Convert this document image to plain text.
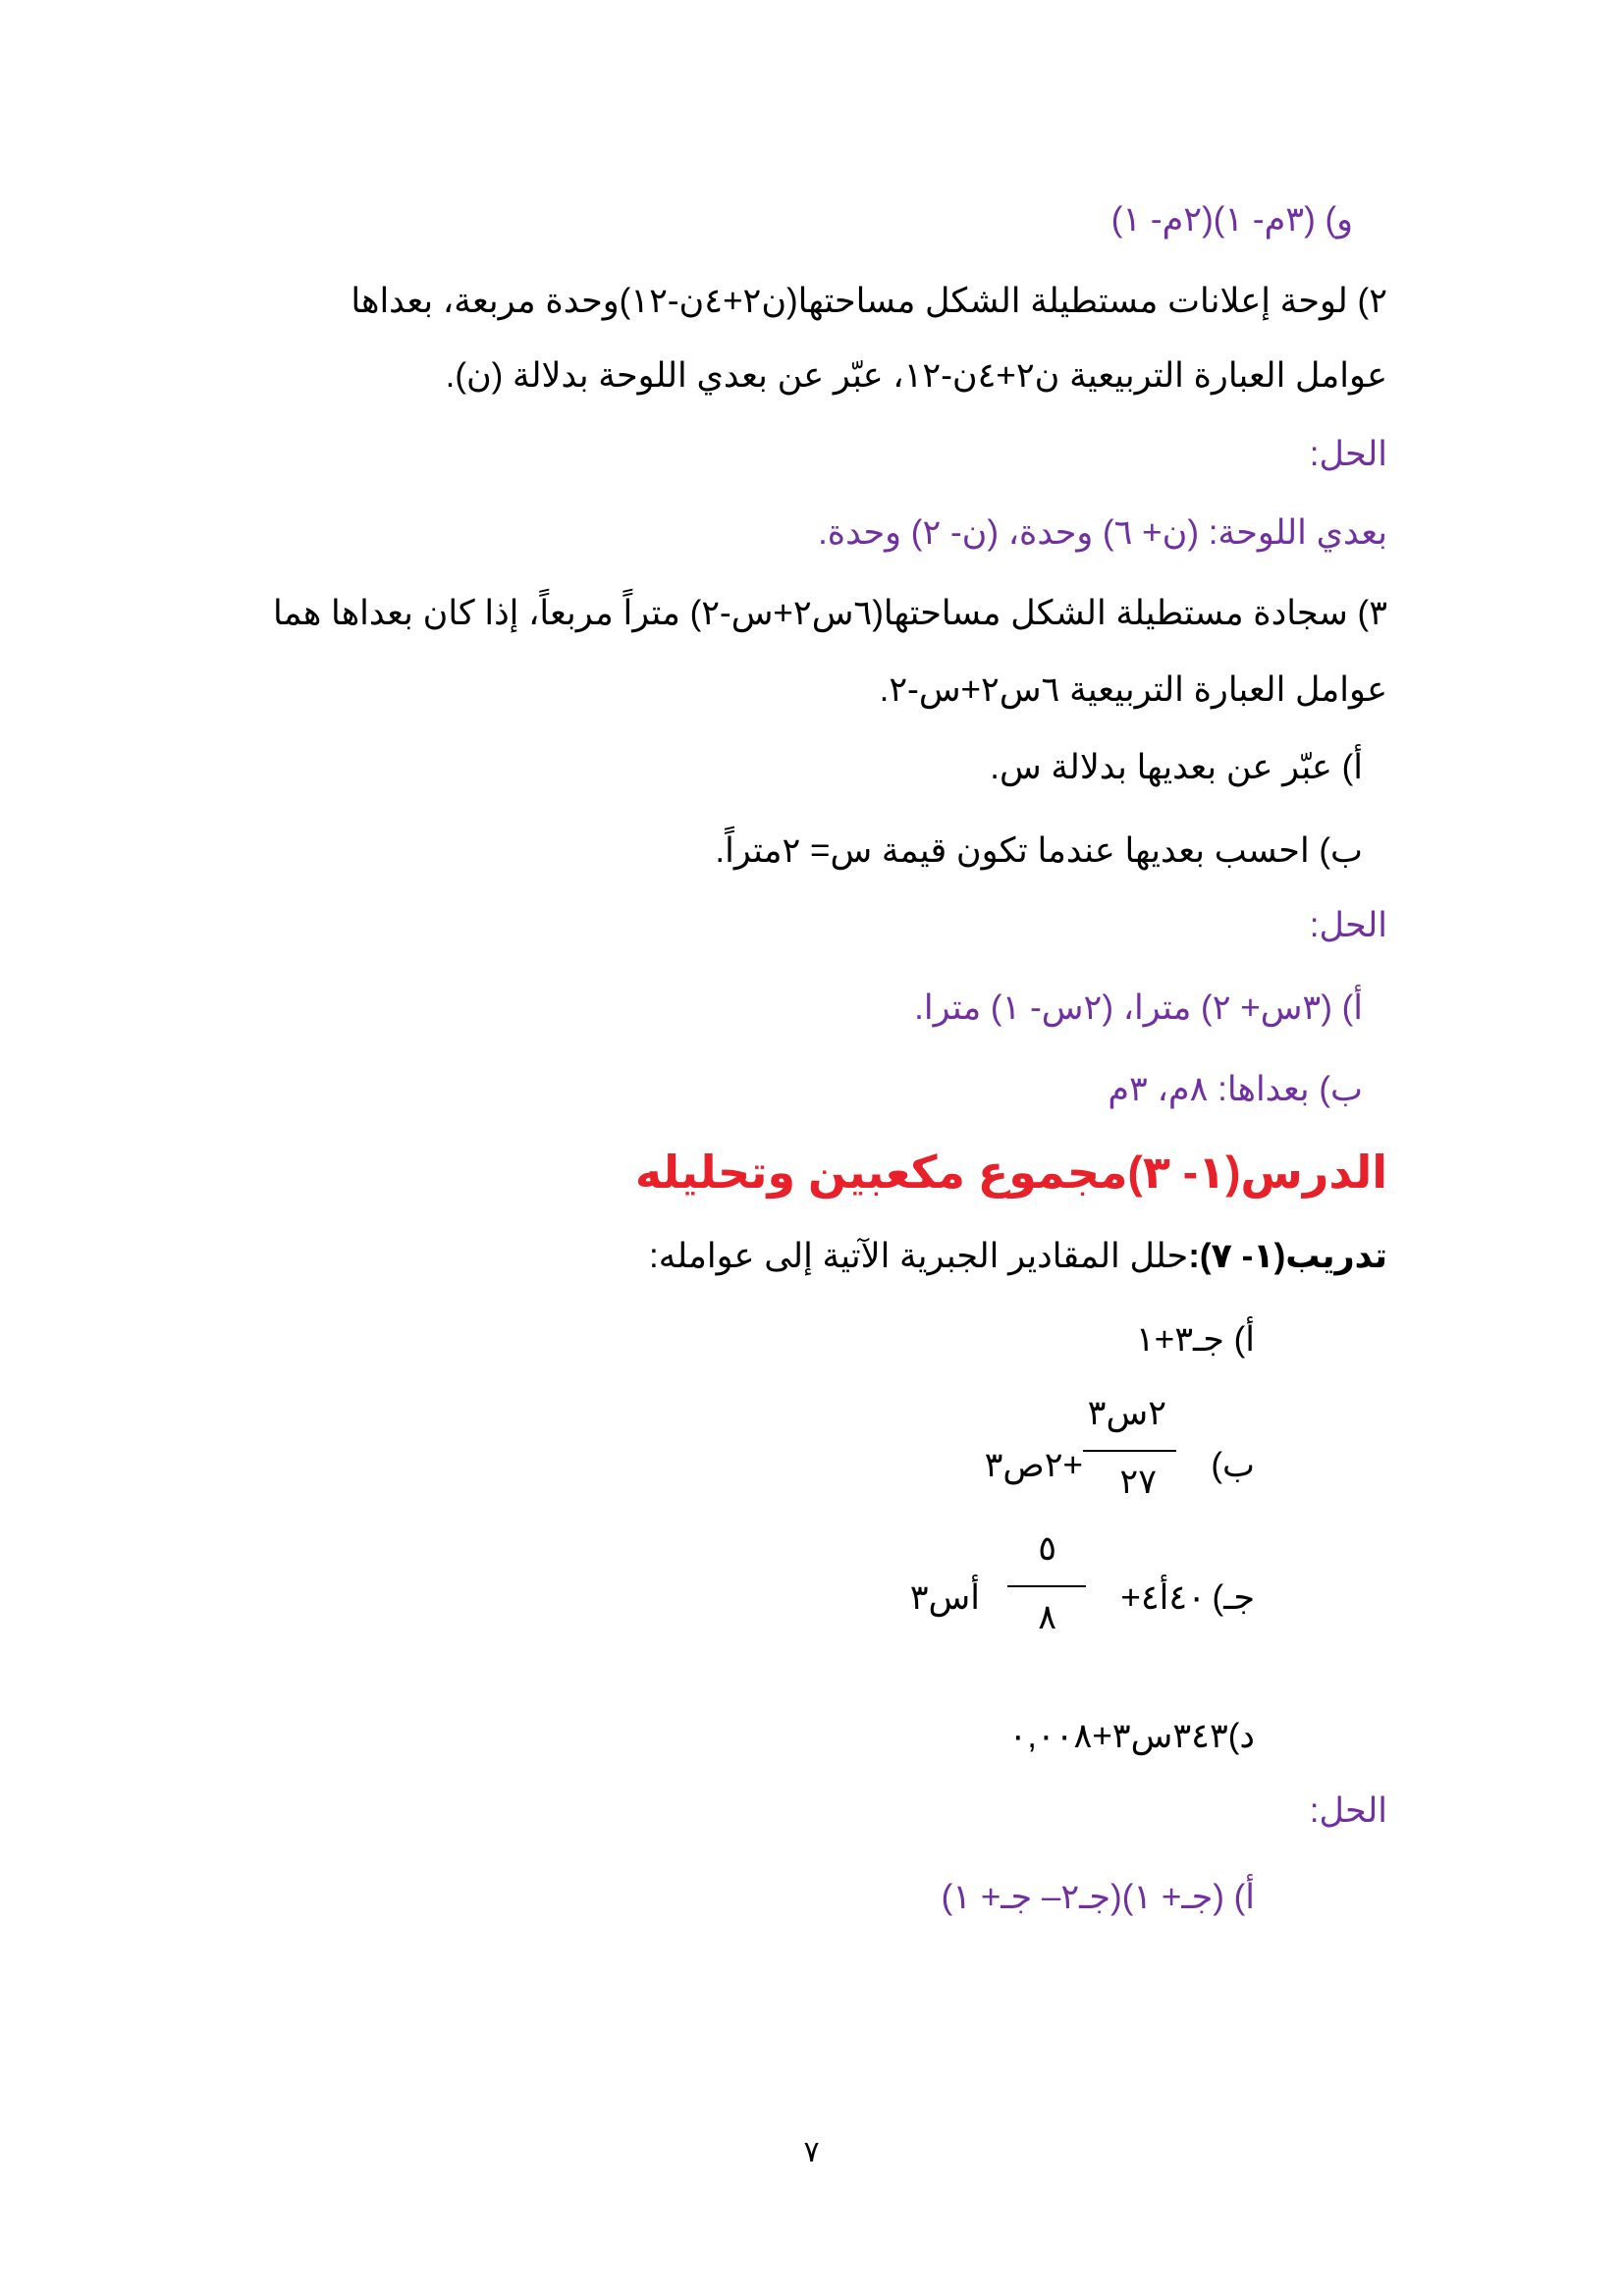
و) (٣م- ١)(٢م- ١)
٢) لوحة إعلانات مستطيلة الشكل مساحتها(ن٢+٤ن-١٢)وحدة مربعة، بعداها
عوامل العبارة التربيعية ن٢+٤ن-١٢، عبّر عن بعدي اللوحة بدلالة (ن).
الحل:
بعدي اللوحة: (ن+ ٦) وحدة، (ن- ٢) وحدة.
٣) سجادة مستطيلة الشكل مساحتها(٦س٢+س-٢) متراً مربعاً، إذا كان بعداها هما
عوامل العبارة التربيعية ٦س٢+س-٢.
أ) عبّر عن بعديها بدلالة س.
ب) احسب بعديها عندما تكون قيمة س= ٢متراً.
الحل:
أ) (٣س+ ٢) مترا، (٢س- ١) مترا.
ب) بعداها: ٨م، ٣م
الدرس(١- ٣)مجموع مكعبين وتحليله
تدريب(١- ٧):حلل المقادير الجبرية الآتية إلى عوامله:
أ) جـ٣+١
ب)
٢س٣
٢٧
+٢ص٣
جـ)
٤٠أ٤+
٥
٨
أس٣
د)٣٤٣س٣+٠,٠٠٨
الحل:
أ) (جـ+ ١)(جـ٢– جـ+ ١)
٧
